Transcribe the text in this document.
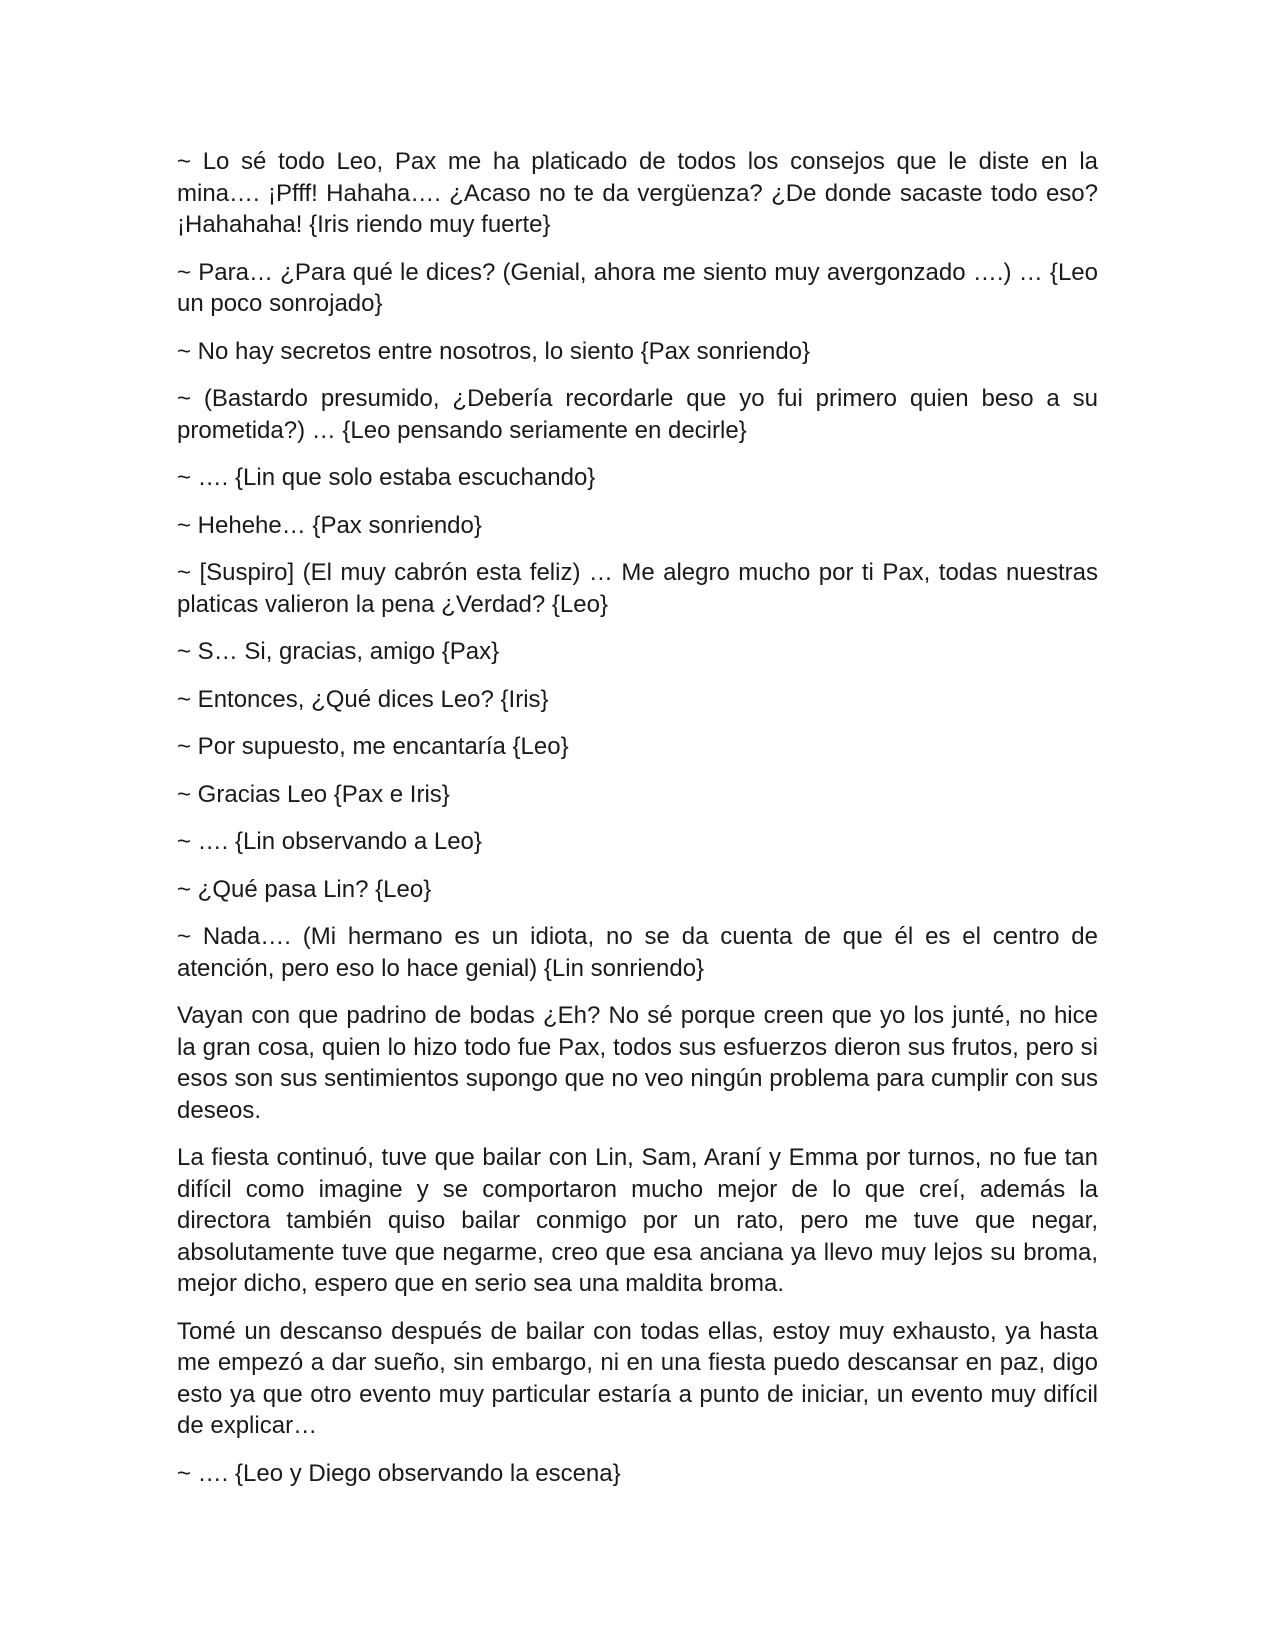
~ Lo sé todo Leo, Pax me ha platicado de todos los consejos que le diste en la mina…. ¡Pfff! Hahaha…. ¿Acaso no te da vergüenza? ¿De donde sacaste todo eso? ¡Hahahaha! {Iris riendo muy fuerte}

~ Para… ¿Para qué le dices? (Genial, ahora me siento muy avergonzado ….) … {Leo un poco sonrojado}

~ No hay secretos entre nosotros, lo siento {Pax sonriendo}

~ (Bastardo presumido, ¿Debería recordarle que yo fui primero quien beso a su prometida?) … {Leo pensando seriamente en decirle}

~ …. {Lin que solo estaba escuchando}

~ Hehehe… {Pax sonriendo}

~ [Suspiro] (El muy cabrón esta feliz) … Me alegro mucho por ti Pax, todas nuestras platicas valieron la pena ¿Verdad? {Leo}

~ S… Si, gracias, amigo {Pax}

~ Entonces, ¿Qué dices Leo? {Iris}

~ Por supuesto, me encantaría {Leo}

~ Gracias Leo {Pax e Iris}

~ …. {Lin observando a Leo}

~ ¿Qué pasa Lin? {Leo}

~ Nada…. (Mi hermano es un idiota, no se da cuenta de que él es el centro de atención, pero eso lo hace genial) {Lin sonriendo}

Vayan con que padrino de bodas ¿Eh? No sé porque creen que yo los junté, no hice la gran cosa, quien lo hizo todo fue Pax, todos sus esfuerzos dieron sus frutos, pero si esos son sus sentimientos supongo que no veo ningún problema para cumplir con sus deseos.

La fiesta continuó, tuve que bailar con Lin, Sam, Araní y Emma por turnos, no fue tan difícil como imagine y se comportaron mucho mejor de lo que creí, además la directora también quiso bailar conmigo por un rato, pero me tuve que negar, absolutamente tuve que negarme, creo que esa anciana ya llevo muy lejos su broma, mejor dicho, espero que en serio sea una maldita broma.

Tomé un descanso después de bailar con todas ellas, estoy muy exhausto, ya hasta me empezó a dar sueño, sin embargo, ni en una fiesta puedo descansar en paz, digo esto ya que otro evento muy particular estaría a punto de iniciar, un evento muy difícil de explicar…

~ …. {Leo y Diego observando la escena}
